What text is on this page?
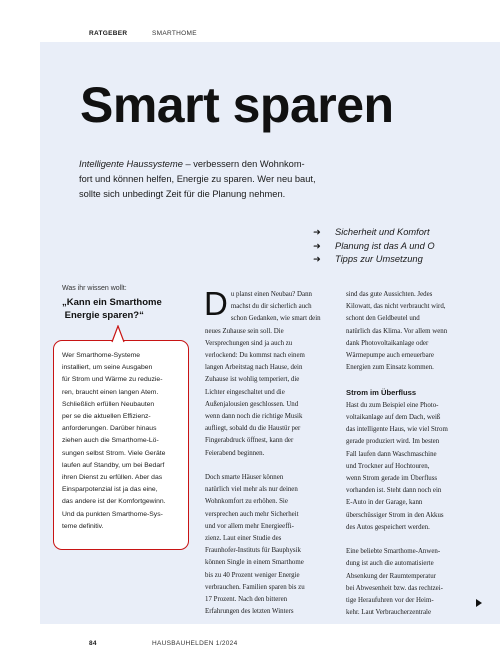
RATGEBER	SMARTHOME
Smart sparen
Intelligente Haussysteme – verbessern den Wohnkom-
fort und können helfen, Energie zu sparen. Wer neu baut,
sollte sich unbedingt Zeit für die Planung nehmen.
➜ Sicherheit und Komfort
➜ Planung ist das A und O
➜ Tipps zur Umsetzung
Was ihr wissen wollt:
„Kann ein Smarthome
Energie sparen?“
Wer Smarthome-Systeme
installiert, um seine Ausgaben
für Strom und Wärme zu reduzie-
ren, braucht einen langen Atem.
Schließlich erfüllen Neubauten
per se die aktuellen Effizienz-
anforderungen. Darüber hinaus
ziehen auch die Smarthome-Lö-
sungen selbst Strom. Viele Geräte
laufen auf Standby, um bei Bedarf
ihren Dienst zu erfüllen. Aber das
Einsparpotenzial ist ja das eine,
das andere ist der Komfortgewinn.
Und da punkten Smarthome-Sys-
teme definitiv.
D u planst einen Neubau? Dann
machst du dir sicherlich auch
schon Gedanken, wie smart dein
neues Zuhause sein soll. Die
Versprechungen sind ja auch zu
verlockend: Du kommst nach einem
langen Arbeitstag nach Hause, dein
Zuhause ist wohlig temperiert, die
Lichter eingeschaltet und die
Außenjalousien geschlossen. Und
wenn dann noch die richtige Musik
aufliegt, sobald du die Haustür per
Fingerabdruck öffnest, kann der
Feierabend beginnen.
Doch smarte Häuser können
natürlich viel mehr als nur deinen
Wohnkomfort zu erhöhen. Sie
versprechen auch mehr Sicherheit
und vor allem mehr Energieeffi-
zienz. Laut einer Studie des
Fraunhofer-Instituts für Bauphysik
können Single in einem Smarthome
bis zu 40 Prozent weniger Energie
verbrauchen. Familien sparen bis zu
17 Prozent. Nach den bitteren
Erfahrungen des letzten Winters
sind das gute Aussichten. Jedes
Kilowatt, das nicht verbraucht wird,
schont den Geldbeutel und
natürlich das Klima. Vor allem wenn
dank Photovoltaikanlage oder
Wärmepumpe auch erneuerbare
Energien zum Einsatz kommen.
Strom im Überfluss
Hast du zum Beispiel eine Photo-
voltaikanlage auf dem Dach, weiß
das intelligente Haus, wie viel Strom
gerade produziert wird. Im besten
Fall laufen dann Waschmaschine
und Trockner auf Hochtouren,
wenn Strom gerade im Überfluss
vorhanden ist. Steht dann noch ein
E-Auto in der Garage, kann
überschüssiger Strom in den Akkus
des Autos gespeichert werden.
Eine beliebte Smarthome-Anwen-
dung ist auch die automatisierte
Absenkung der Raumtemperatur
bei Abwesenheit bzw. das rechtzei-
tige Heraufuhren vor der Heim-
kehr. Laut Verbraucherzentrale
84	HAUSBAUHELDEN 1/2024
